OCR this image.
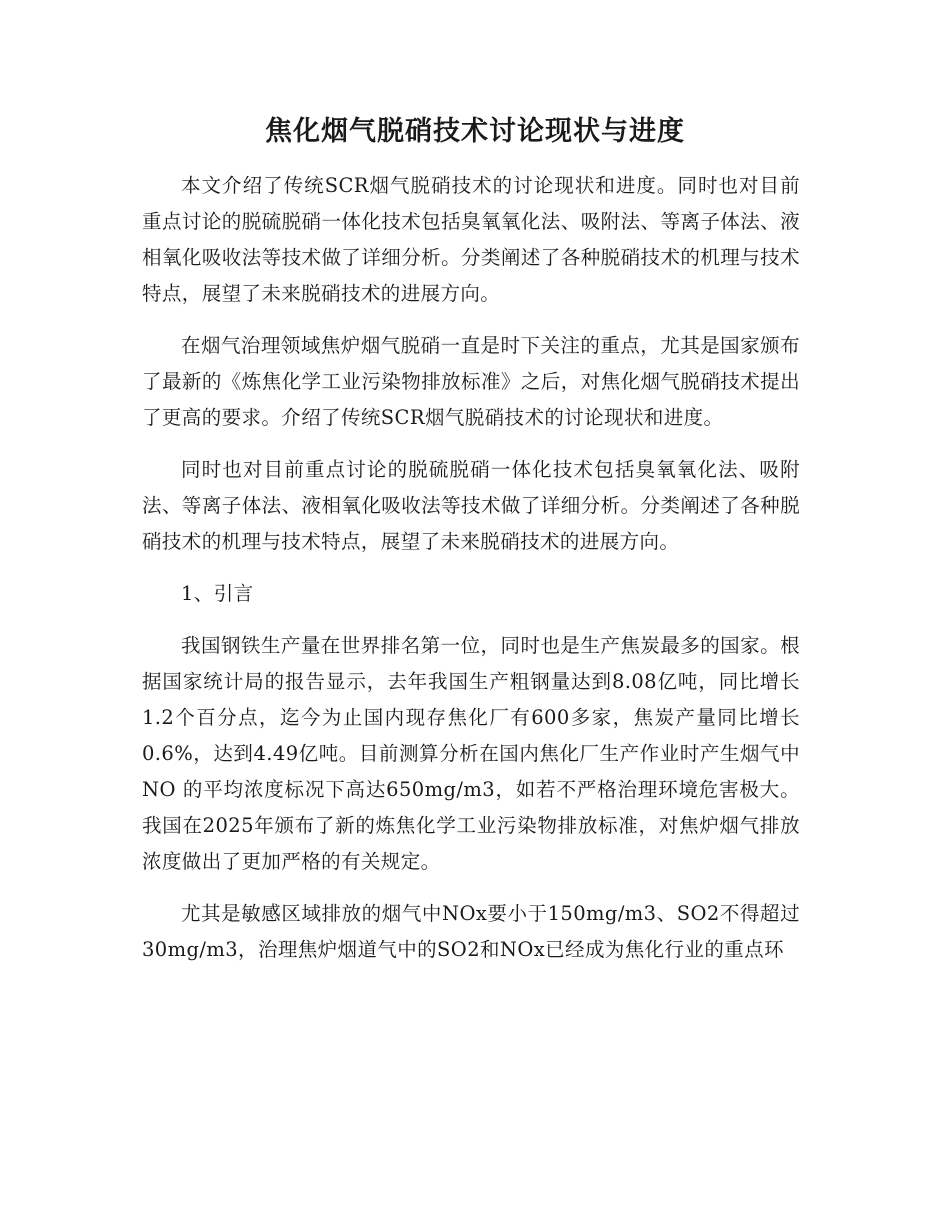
焦化烟气脱硝技术讨论现状与进度

本文介绍了传统SCR烟气脱硝技术的讨论现状和进度。同时也对目前重点讨论的脱硫脱硝一体化技术包括臭氧氧化法、吸附法、等离子体法、液相氧化吸收法等技术做了详细分析。分类阐述了各种脱硝技术的机理与技术特点，展望了未来脱硝技术的进展方向。

在烟气治理领域焦炉烟气脱硝一直是时下关注的重点，尤其是国家颁布了最新的《炼焦化学工业污染物排放标准》之后，对焦化烟气脱硝技术提出了更高的要求。介绍了传统SCR烟气脱硝技术的讨论现状和进度。

同时也对目前重点讨论的脱硫脱硝一体化技术包括臭氧氧化法、吸附法、等离子体法、液相氧化吸收法等技术做了详细分析。分类阐述了各种脱硝技术的机理与技术特点，展望了未来脱硝技术的进展方向。

1、引言

我国钢铁生产量在世界排名第一位，同时也是生产焦炭最多的国家。根据国家统计局的报告显示，去年我国生产粗钢量达到8.08亿吨，同比增长1.2个百分点，迄今为止国内现存焦化厂有600多家，焦炭产量同比增长0.6%，达到4.49亿吨。目前测算分析在国内焦化厂生产作业时产生烟气中NO 的平均浓度标况下高达650mg/m3，如若不严格治理环境危害极大。我国在2025年颁布了新的炼焦化学工业污染物排放标准，对焦炉烟气排放浓度做出了更加严格的有关规定。

尤其是敏感区域排放的烟气中NOx要小于150mg/m3、SO2不得超过30mg/m3，治理焦炉烟道气中的SO2和NOx已经成为焦化行业的重点环
